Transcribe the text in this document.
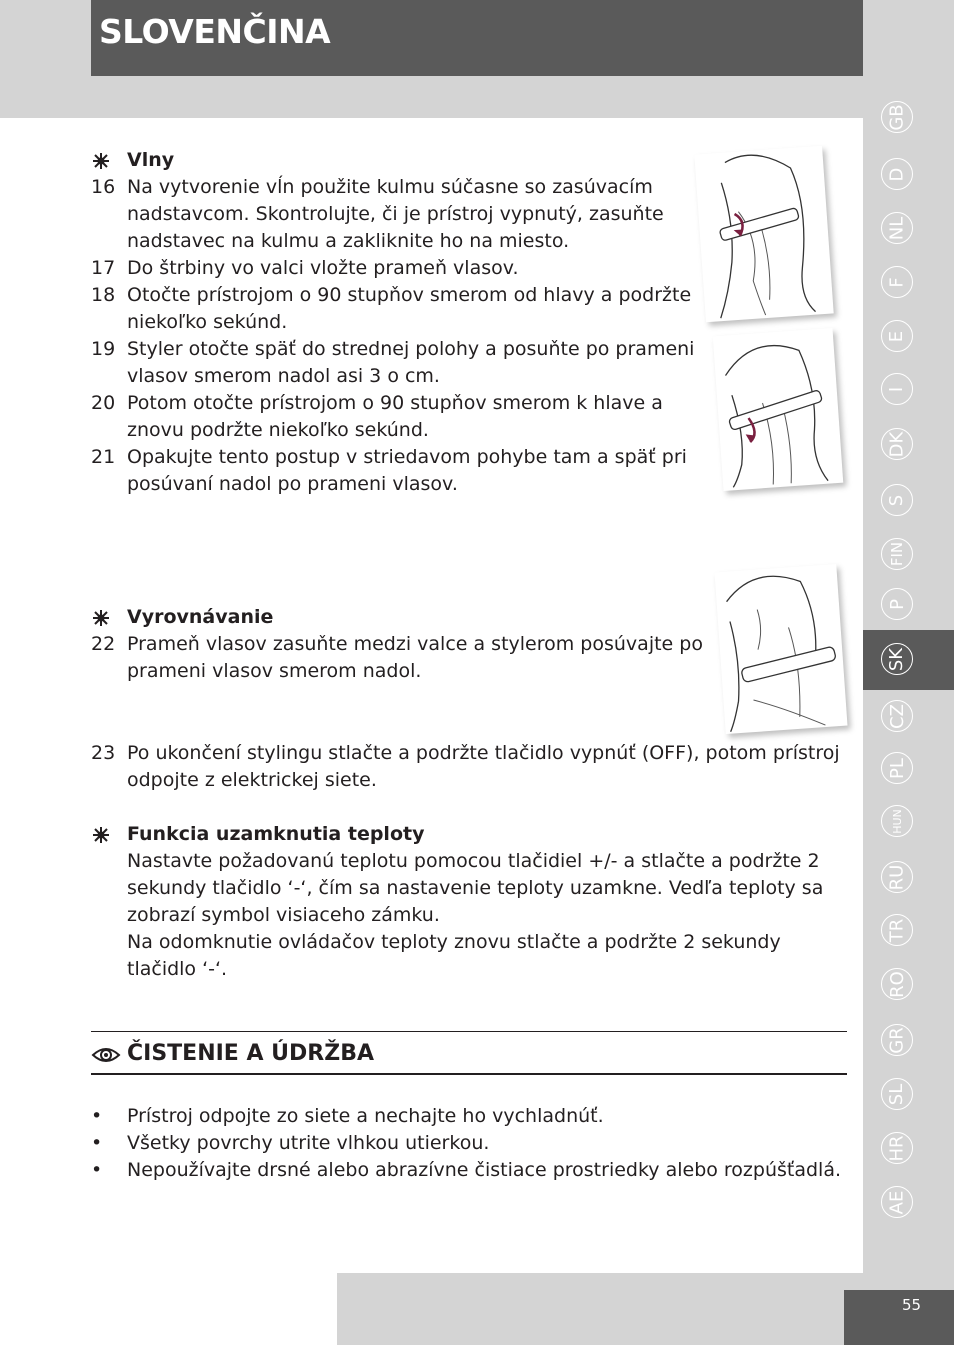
SLOVENČINA
Vlny
16 Na vytvorenie vĺn použite kulmu súčasne so zasúvacím
nadstavcom. Skontrolujte, či je prístroj vypnutý, zasuňte
nadstavec na kulmu a zakliknite ho na miesto.
17 Do štrbiny vo valci vložte prameň vlasov.
18 Otočte prístrojom o 90 stupňov smerom od hlavy a podržte
niekoľko sekúnd.
19 Styler otočte späť do strednej polohy a posuňte po prameni
vlasov smerom nadol asi 3 o cm.
20 Potom otočte prístrojom o 90 stupňov smerom k hlave a
znovu podržte niekoľko sekúnd.
21 Opakujte tento postup v striedavom pohybe tam a späť pri
posúvaní nadol po prameni vlasov.
Vyrovnávanie
22 Prameň vlasov zasuňte medzi valce a stylerom posúvajte po
prameni vlasov smerom nadol.
23 Po ukončení stylingu stlačte a podržte tlačidlo vypnúť (OFF), potom prístroj
odpojte z elektrickej siete.
Funkcia uzamknutia teploty
Nastavte požadovanú teplotu pomocou tlačidiel +/- a stlačte a podržte 2
sekundy tlačidlo ‘-‘, čím sa nastavenie teploty uzamkne. Vedľa teploty sa
zobrazí symbol visiaceho zámku.
Na odomknutie ovládačov teploty znovu stlačte a podržte 2 sekundy
tlačidlo ‘-‘.
ČISTENIE A ÚDRŽBA
• Prístroj odpojte zo siete a nechajte ho vychladnúť.
• Všetky povrchy utrite vlhkou utierkou.
• Nepoužívajte drsné alebo abrazívne čistiace prostriedky alebo rozpúšťadlá.
GB
D
NL
F
E
I
DK
S
FIN
P
SK
CZ
PL
HUN
RU
TR
RO
GR
SL
HR
AE
55
